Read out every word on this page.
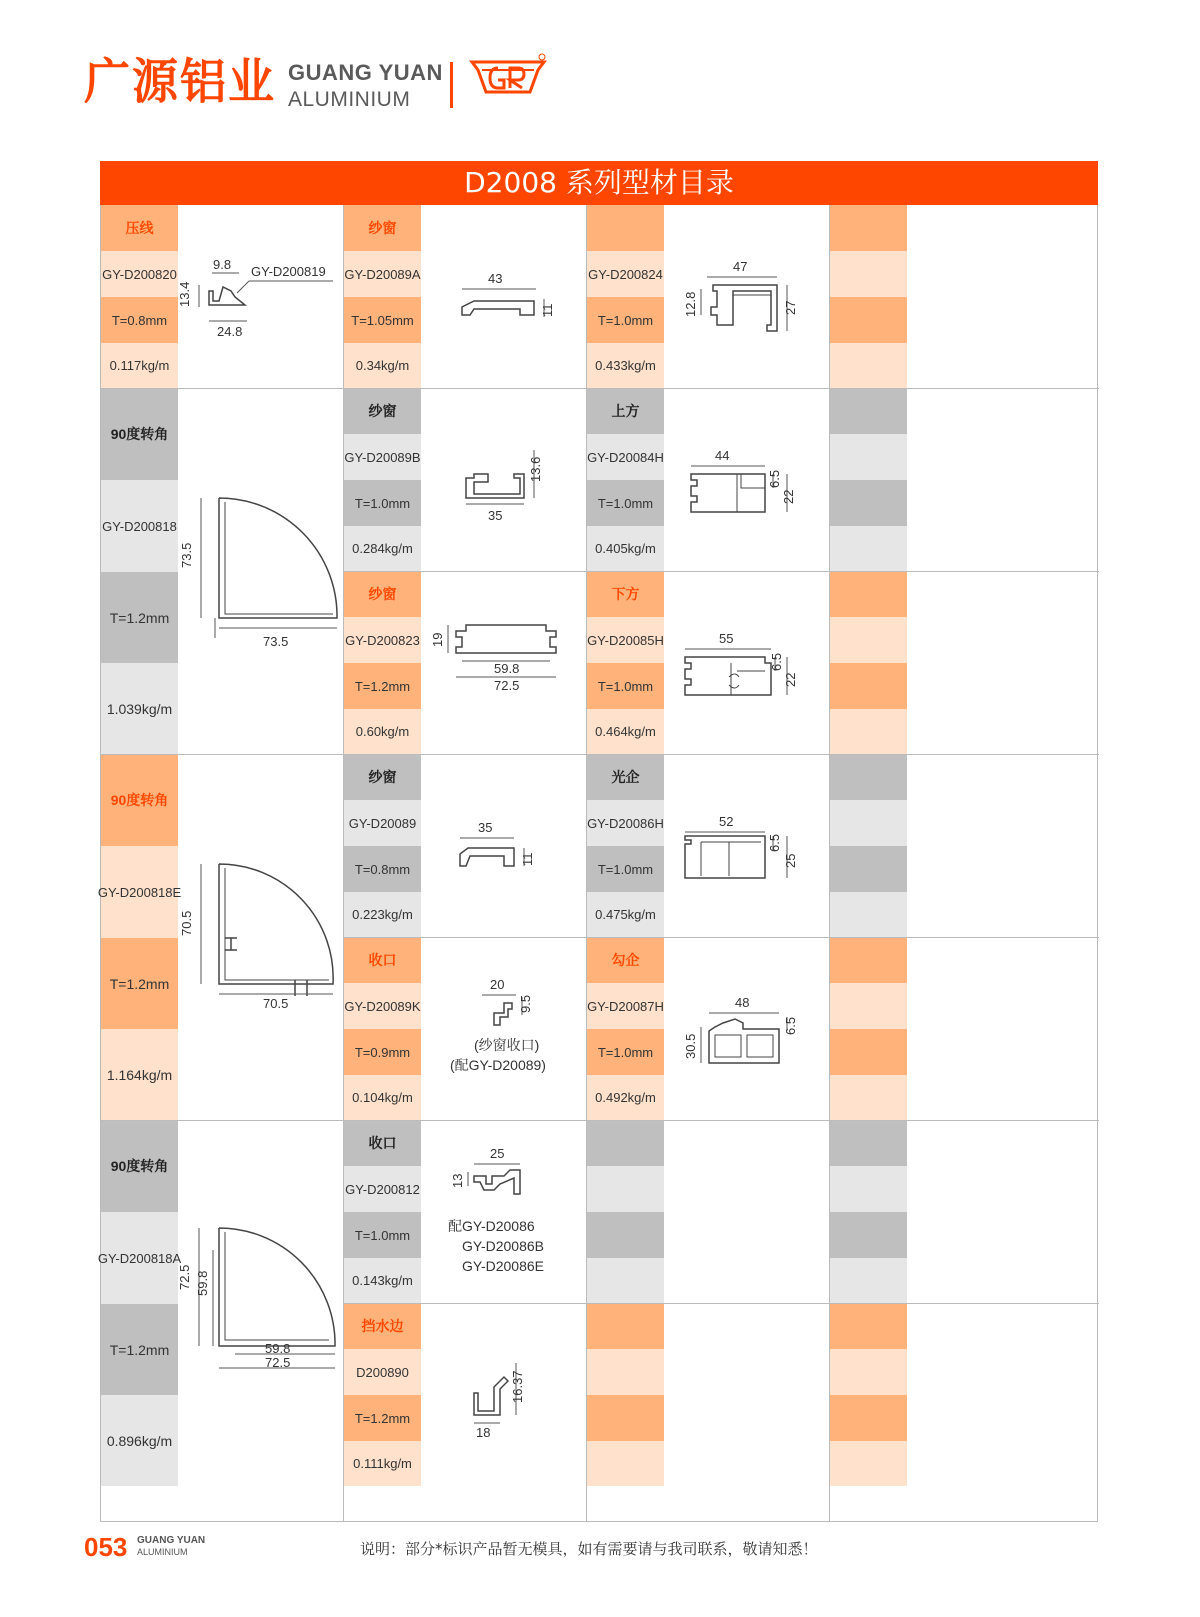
广源铝业 GUANG YUAN
ALUMINIUM
D2008 系列型材目录
压线
GY-D200820
T=0.8mm
0.117kg/m
9.8 GY-D200819
13.4
24.8
90度转角
GY-D200818
T=1.2mm
1.039kg/m
73.5
73.5
90度转角
GY-D200818E
T=1.2mm
1.164kg/m
70.5
70.5
90度转角
GY-D200818A
T=1.2mm
0.896kg/m
72.5 59.8
59.8
72.5
纱窗
GY-D20089A
T=1.05mm
0.34kg/m
43
11
纱窗
GY-D20089B
T=1.0mm
0.284kg/m
35
13.6
纱窗
GY-D200823
T=1.2mm
0.60kg/m
19
59.8
72.5
纱窗
GY-D20089
T=0.8mm
0.223kg/m
35
11
收口
GY-D20089K
T=0.9mm
0.104kg/m
20
9.5
(纱窗收口)
(配GY-D20089)
收口
GY-D200812
T=1.0mm
0.143kg/m
25
13
配GY-D20086
GY-D20086B
GY-D20086E
挡水边
D200890
T=1.2mm
0.111kg/m
16.37
18
GY-D200824
T=1.0mm
0.433kg/m
47
12.8	27
上方
GY-D20084H
T=1.0mm
0.405kg/m
44
6.5
22
下方
GY-D20085H
T=1.0mm
0.464kg/m
55
6.5
22
光企
GY-D20086H
T=1.0mm
0.475kg/m
52
6.5
25
勾企
GY-D20087H
T=1.0mm
0.492kg/m
48
30.5
6.5
053 GUANG YUAN
ALUMINIUM	说明：部分*标识产品暂无模具，如有需要请与我司联系，敬请知悉！
